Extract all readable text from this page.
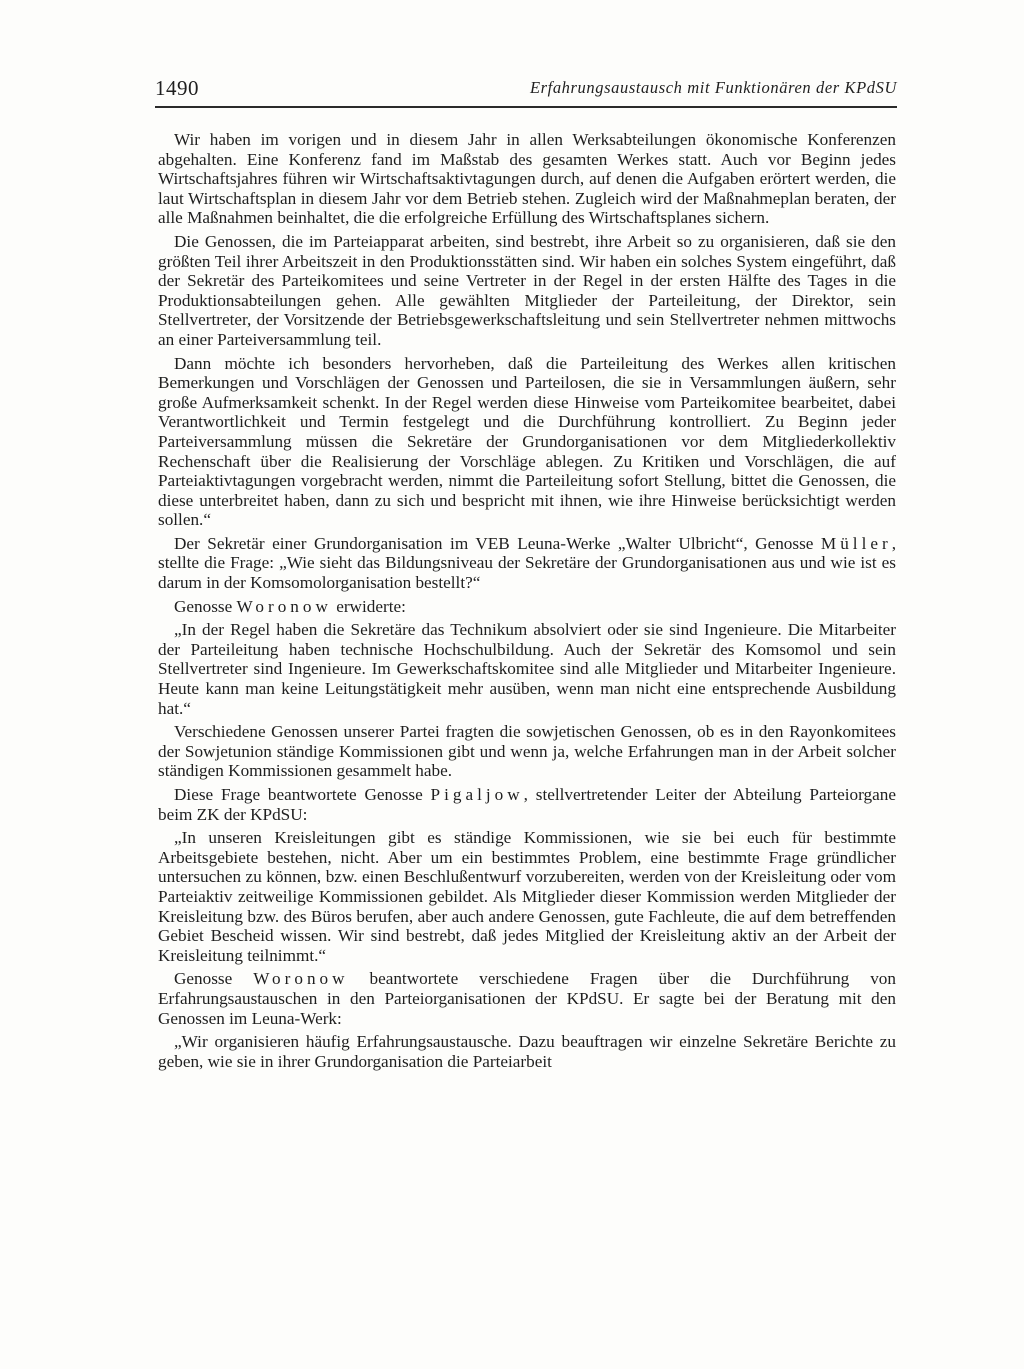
1490	Erfahrungsaustausch mit Funktionären der KPdSU

Wir haben im vorigen und in diesem Jahr in allen Werksabteilungen ökonomische Konferenzen abgehalten. Eine Konferenz fand im Maßstab des gesamten Werkes statt. Auch vor Beginn jedes Wirtschaftsjahres führen wir Wirtschaftsaktivtagungen durch, auf denen die Aufgaben erörtert werden, die laut Wirtschaftsplan in diesem Jahr vor dem Betrieb stehen. Zugleich wird der Maßnahmeplan beraten, der alle Maßnahmen beinhaltet, die die erfolgreiche Erfüllung des Wirtschaftsplanes sichern.

Die Genossen, die im Parteiapparat arbeiten, sind bestrebt, ihre Arbeit so zu organisieren, daß sie den größten Teil ihrer Arbeitszeit in den Produktionsstätten sind. Wir haben ein solches System eingeführt, daß der Sekretär des Parteikomitees und seine Vertreter in der Regel in der ersten Hälfte des Tages in die Produktionsabteilungen gehen. Alle gewählten Mitglieder der Parteileitung, der Direktor, sein Stellvertreter, der Vorsitzende der Betriebsgewerkschaftsleitung und sein Stellvertreter nehmen mittwochs an einer Parteiversammlung teil.

Dann möchte ich besonders hervorheben, daß die Parteileitung des Werkes allen kritischen Bemerkungen und Vorschlägen der Genossen und Parteilosen, die sie in Versammlungen äußern, sehr große Aufmerksamkeit schenkt. In der Regel werden diese Hinweise vom Parteikomitee bearbeitet, dabei Verantwortlichkeit und Termin festgelegt und die Durchführung kontrolliert. Zu Beginn jeder Parteiversammlung müssen die Sekretäre der Grundorganisationen vor dem Mitgliederkollektiv Rechenschaft über die Realisierung der Vorschläge ablegen. Zu Kritiken und Vorschlägen, die auf Parteiaktivtagungen vorgebracht werden, nimmt die Parteileitung sofort Stellung, bittet die Genossen, die diese unterbreitet haben, dann zu sich und bespricht mit ihnen, wie ihre Hinweise berücksichtigt werden sollen.“

Der Sekretär einer Grundorganisation im VEB Leuna-Werke „Walter Ulbricht“, Genosse Müller, stellte die Frage: „Wie sieht das Bildungsniveau der Sekretäre der Grundorganisationen aus und wie ist es darum in der Komsomolorganisation bestellt?“

Genosse Woronow erwiderte:

„In der Regel haben die Sekretäre das Technikum absolviert oder sie sind Ingenieure. Die Mitarbeiter der Parteileitung haben technische Hochschulbildung. Auch der Sekretär des Komsomol und sein Stellvertreter sind Ingenieure. Im Gewerkschaftskomitee sind alle Mitglieder und Mitarbeiter Ingenieure. Heute kann man keine Leitungstätigkeit mehr ausüben, wenn man nicht eine entsprechende Ausbildung hat.“

Verschiedene Genossen unserer Partei fragten die sowjetischen Genossen, ob es in den Rayonkomitees der Sowjetunion ständige Kommissionen gibt und wenn ja, welche Erfahrungen man in der Arbeit solcher ständigen Kommissionen gesammelt habe.

Diese Frage beantwortete Genosse Pigaljow, stellvertretender Leiter der Abteilung Parteiorgane beim ZK der KPdSU:

„In unseren Kreisleitungen gibt es ständige Kommissionen, wie sie bei euch für bestimmte Arbeitsgebiete bestehen, nicht. Aber um ein bestimmtes Problem, eine bestimmte Frage gründlicher untersuchen zu können, bzw. einen Beschlußentwurf vorzubereiten, werden von der Kreisleitung oder vom Parteiaktiv zeitweilige Kommissionen gebildet. Als Mitglieder dieser Kommission werden Mitglieder der Kreisleitung bzw. des Büros berufen, aber auch andere Genossen, gute Fachleute, die auf dem betreffenden Gebiet Bescheid wissen. Wir sind bestrebt, daß jedes Mitglied der Kreisleitung aktiv an der Arbeit der Kreisleitung teilnimmt.“

Genosse Woronow beantwortete verschiedene Fragen über die Durchführung von Erfahrungsaustauschen in den Parteiorganisationen der KPdSU. Er sagte bei der Beratung mit den Genossen im Leuna-Werk:

„Wir organisieren häufig Erfahrungsaustausche. Dazu beauftragen wir einzelne Sekretäre Berichte zu geben, wie sie in ihrer Grundorganisation die Parteiarbeit
